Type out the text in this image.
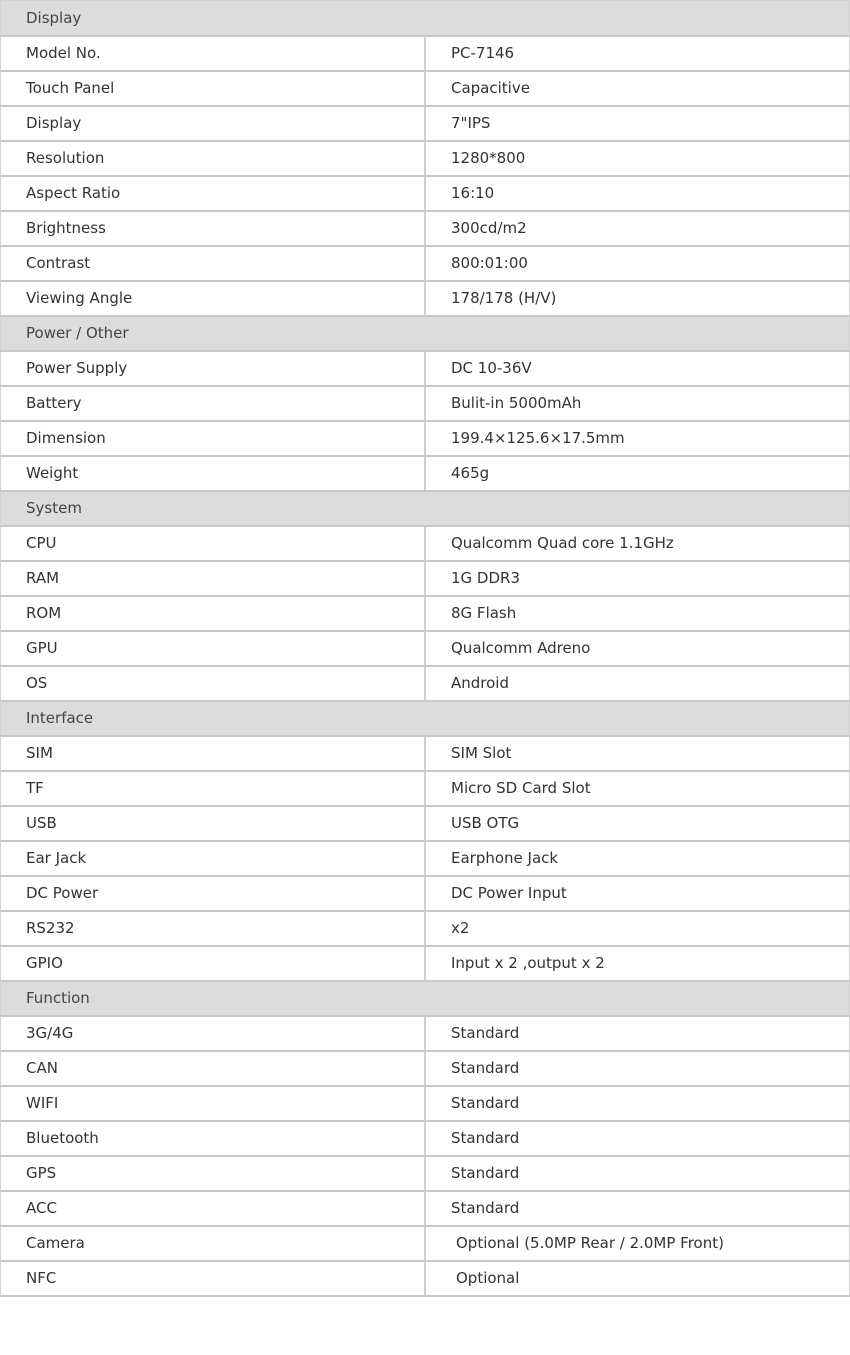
Display	
Model No.	PC-7146
Touch Panel	Capacitive
Display	7"IPS
Resolution	1280*800
Aspect Ratio	16:10
Brightness	300cd/m2
Contrast	800:01:00
Viewing Angle	178/178 (H/V)
Power / Other	
Power Supply	DC 10-36V
Battery	Bulit-in 5000mAh
Dimension	199.4×125.6×17.5mm
Weight	465g
System	
CPU	Qualcomm Quad core 1.1GHz
RAM	1G DDR3
ROM	8G Flash
GPU	Qualcomm Adreno
OS	Android
Interface	
SIM	SIM Slot
TF	Micro SD Card Slot
USB	USB OTG
Ear Jack	Earphone Jack
DC Power	DC Power Input
RS232	x2
GPIO	Input x 2 ,output x 2
Function	
3G/4G	Standard
CAN	Standard
WIFI	Standard
Bluetooth	Standard
GPS	Standard
ACC	Standard
Camera	Optional (5.0MP Rear / 2.0MP Front)
NFC	Optional
